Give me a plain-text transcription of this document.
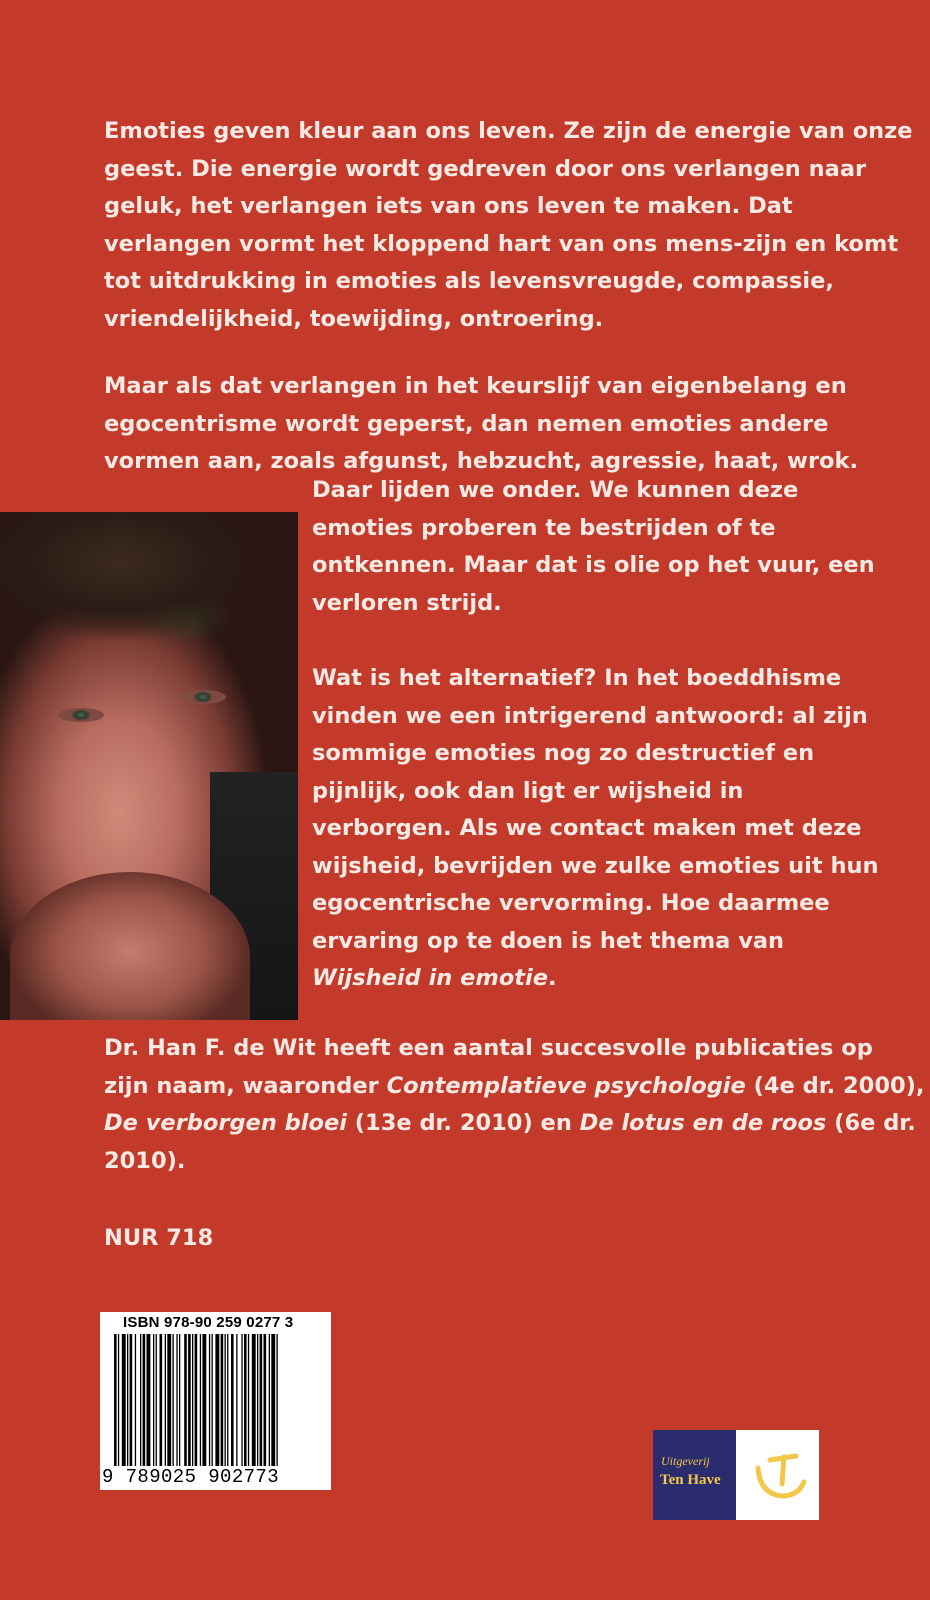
Emoties geven kleur aan ons leven. Ze zijn de energie van onze
geest. Die energie wordt gedreven door ons verlangen naar
geluk, het verlangen iets van ons leven te maken. Dat
verlangen vormt het kloppend hart van ons mens-zijn en komt
tot uitdrukking in emoties als levensvreugde, compassie,
vriendelijkheid, toewijding, ontroering.
Maar als dat verlangen in het keurslijf van eigenbelang en
egocentrisme wordt geperst, dan nemen emoties andere
vormen aan, zoals afgunst, hebzucht, agressie, haat, wrok.
Daar lijden we onder. We kunnen deze
emoties proberen te bestrijden of te
ontkennen. Maar dat is olie op het vuur, een
verloren strijd.
Wat is het alternatief? In het boeddhisme
vinden we een intrigerend antwoord: al zijn
sommige emoties nog zo destructief en
pijnlijk, ook dan ligt er wijsheid in
verborgen. Als we contact maken met deze
wijsheid, bevrijden we zulke emoties uit hun
egocentrische vervorming. Hoe daarmee
ervaring op te doen is het thema van
Wijsheid in emotie.
Dr. Han F. de Wit heeft een aantal succesvolle publicaties op
zijn naam, waaronder Contemplatieve psychologie (4e dr. 2000),
De verborgen bloei (13e dr. 2010) en De lotus en de roos (6e dr.
2010).
NUR 718
ISBN 978-90 259 0277 3
9 789025 902773
Uitgeverij
Ten Have
